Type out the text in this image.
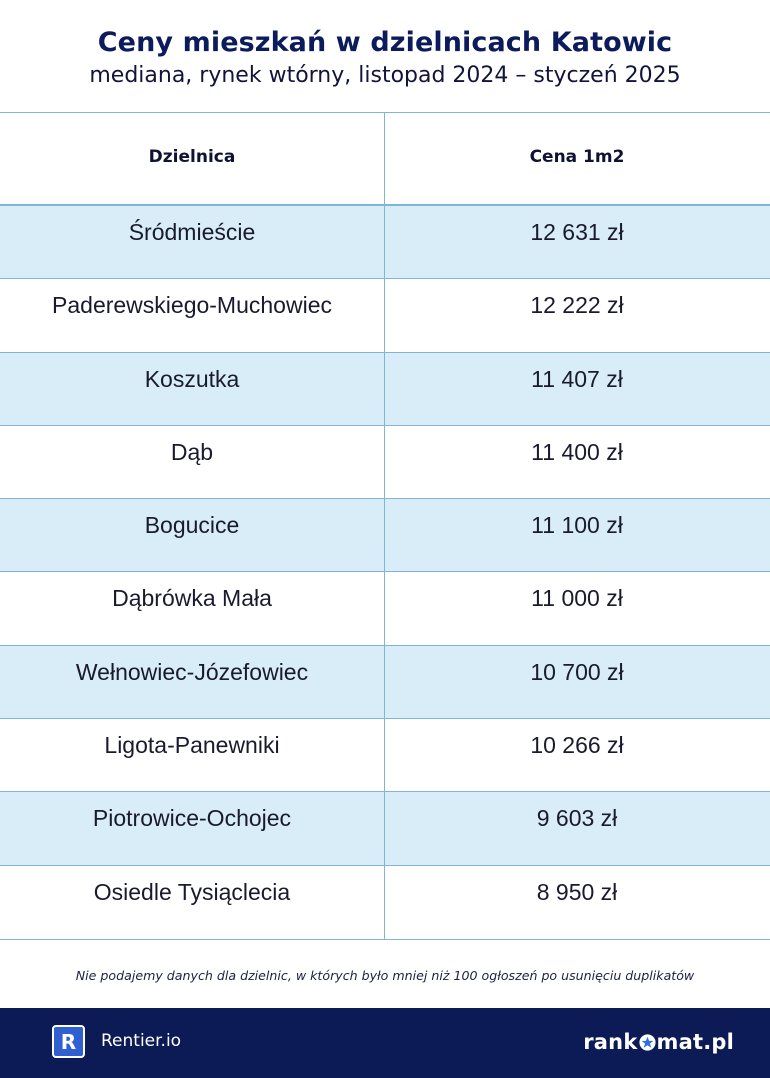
Ceny mieszkań w dzielnicach Katowic
mediana, rynek wtórny, listopad 2024 – styczeń 2025
Dzielnica	Cena 1m2
Śródmieście	12 631 zł
Paderewskiego-Muchowiec	12 222 zł
Koszutka	11 407 zł
Dąb	11 400 zł
Bogucice	11 100 zł
Dąbrówka Mała	11 000 zł
Wełnowiec-Józefowiec	10 700 zł
Ligota-Panewniki	10 266 zł
Piotrowice-Ochojec	9 603 zł
Osiedle Tysiąclecia	8 950 zł
Nie podajemy danych dla dzielnic, w których było mniej niż 100 ogłoszeń po usunięciu duplikatów
R	Rentier.io	rank mat.pl
